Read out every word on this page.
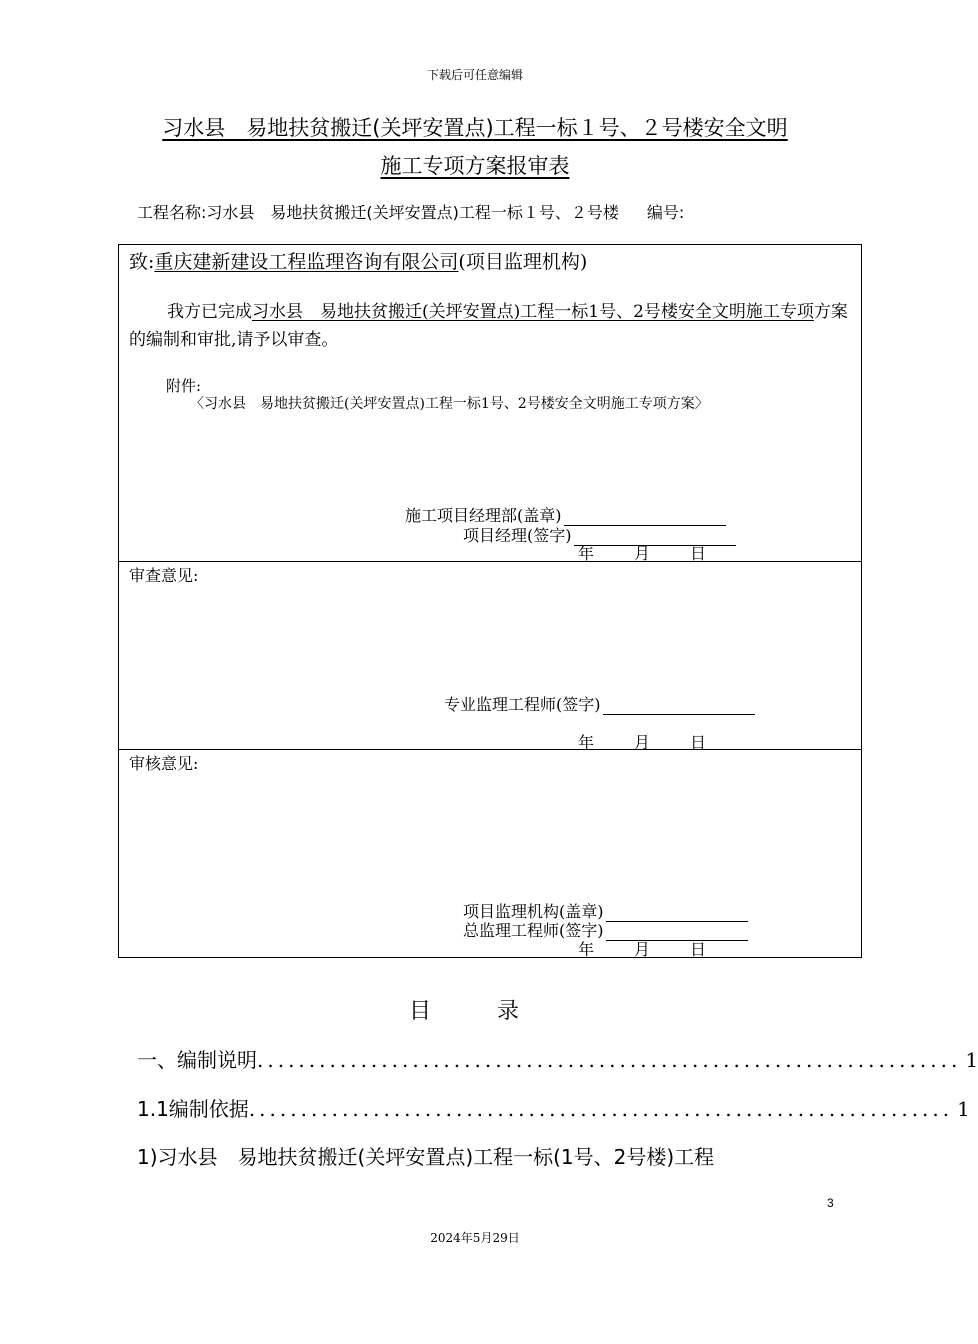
下载后可任意编辑
习水县　易地扶贫搬迁(关坪安置点)工程一标１号、２号楼安全文明
施工专项方案报审表
工程名称:习水县　易地扶贫搬迁(关坪安置点)工程一标１号、２号楼 编号:
致:重庆建新建设工程监理咨询有限公司(项目监理机构)
我方已完成习水县　易地扶贫搬迁(关坪安置点)工程一标1号、2号楼安全文明施工专项方案的编制和审批,请予以审查。
附件:
〈习水县　易地扶贫搬迁(关坪安置点)工程一标1号、2号楼安全文明施工专项方案〉
施工项目经理部(盖章)
项目经理(签字)
年	月	日
审查意见:
专业监理工程师(签字)
年	月	日
审核意见:
项目监理机构(盖章)
总监理工程师(签字)
年	月	日
目　录
一、编制说明 .................................................................... 1
1.1编制依据 .................................................................... 1
1)习水县　易地扶贫搬迁(关坪安置点)工程一标(1号、2号楼)工程
3
2024年5月29日
